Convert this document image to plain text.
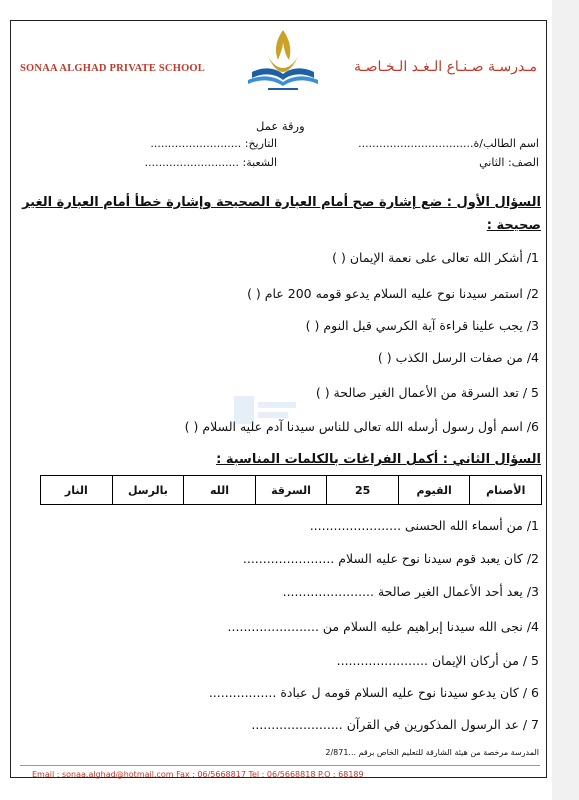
SONAA ALGHAD PRIVATE SCHOOL	مـدرسـة صـنـاع الـغـد الـخـاصـة
ورقة عمل
اسم الطالب/ة.................................
التاريخ: ..........................
الصف: الثاني
الشعبة: ...........................
السؤال الأول : ضع إشارة صح أمام العبارة الصحيحة وإشارة خطأ أمام العبارة الغير
صحيحة :
1/ أشكر الله تعالى على نعمة الإيمان ( )
2/ استمر سيدنا نوح عليه السلام يدعو قومه 200 عام ( )
3/ يجب علينا قراءة آية الكرسي قبل النوم ( )
4/ من صفات الرسل الكذب ( )
5 / تعد السرقة من الأعمال الغير صالحة ( )
6/ اسم أول رسول أرسله الله تعالى للناس سيدنا آدم عليه السلام ( )
السؤال الثاني : أكمل الفراغات بالكلمات المناسبة :
الأصنام	القيوم	25	السرقة	الله	بالرسل	النار
1/ من أسماء الله الحسنى .......................
2/ كان يعبد قوم سيدنا نوح عليه السلام .......................
3/ يعد أحد الأعمال الغير صالحة .......................
4/ نجى الله سيدنا إبراهيم عليه السلام من .......................
5 / من أركان الإيمان .......................
6 / كان يدعو سيدنا نوح عليه السلام قومه ل عبادة .................
7 / عد الرسول المذكورين في القرآن .......................
المدرسة مرخصة من هيئة الشارقة للتعليم الخاص برقم ...2/871
Email : sonaa.alghad@hotmail.com Fax : 06/5668817 Tel : 06/5668818 P.O : 68189
